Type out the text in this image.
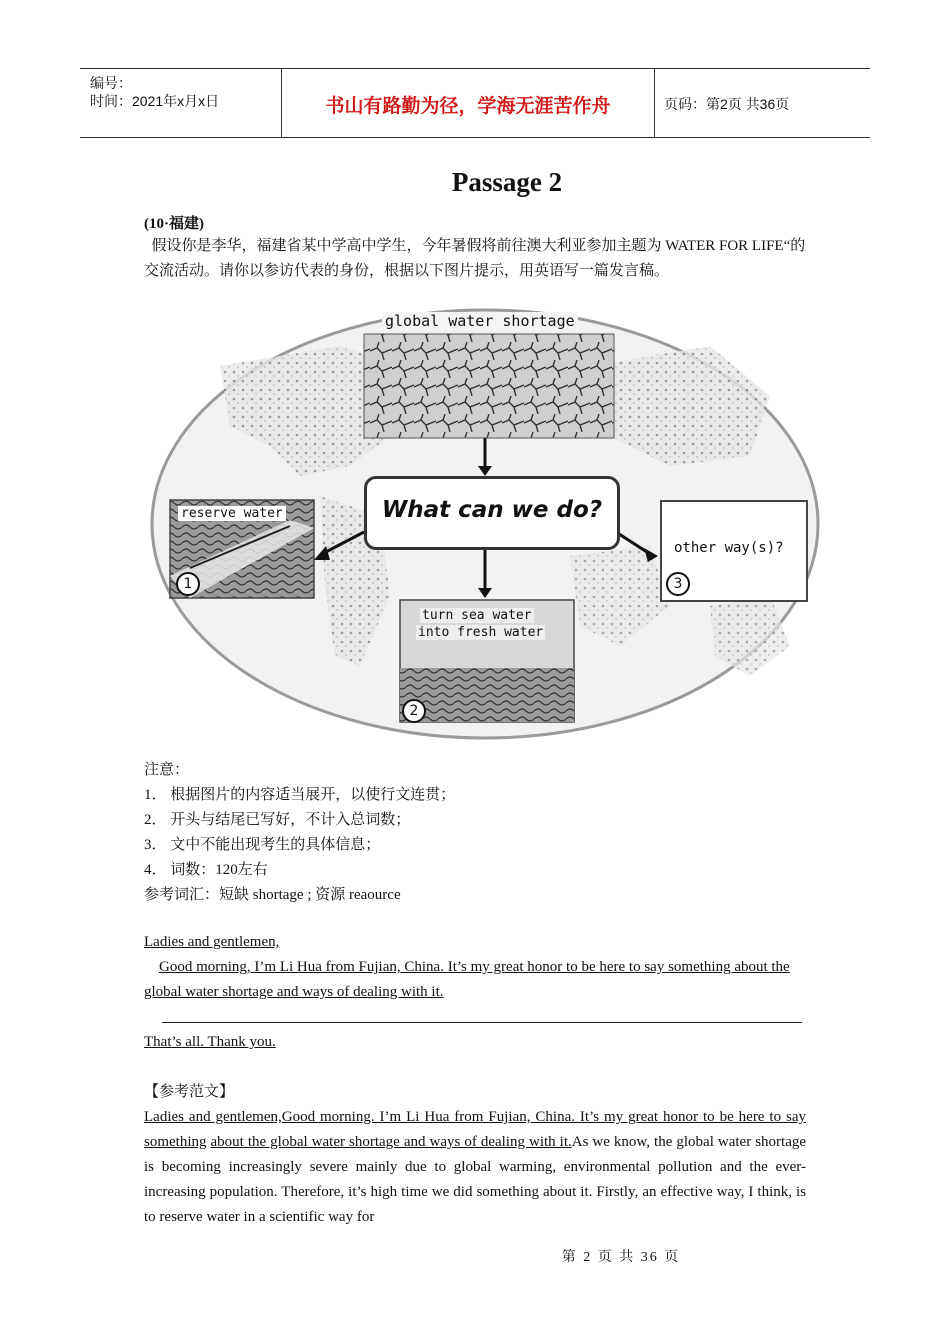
编号：
时间：2021年x月x日	书山有路勤为径，学海无涯苦作舟	页码：第2页 共36页
Passage 2
(10·福建)
假设你是李华，福建省某中学高中学生，今年暑假将前往澳大利亚参加主题为 WATER FOR LIFE“的交流活动。请你以参访代表的身份，根据以下图片提示，用英语写一篇发言稿。
global water shortage
What can we do?
reserve water
1
turn sea water
into fresh water
2
other way(s)?
3
注意：
1． 根据图片的内容适当展开，以使行文连贯；
2． 开头与结尾已写好，不计入总词数；
3． 文中不能出现考生的具体信息；
4． 词数：120左右
参考词汇：短缺 shortage ; 资源 reaource

Ladies and gentlemen,

Good morning, I’m Li Hua from Fujian, China. It’s my great honor to be here to say something about the global water shortage and ways of dealing with it.

That’s all. Thank you.
【参考范文】
Ladies and gentlemen,Good morning. I’m Li Hua from Fujian, China. It’s my great honor to be here to say something about the global water shortage and ways of dealing with it.As we know, the global water shortage is becoming increasingly severe mainly due to global warming, environmental pollution and the ever-increasing population. Therefore, it’s high time we did something about it. Firstly, an effective way, I think, is to reserve water in a scientific way for
第 2 页 共 36 页
